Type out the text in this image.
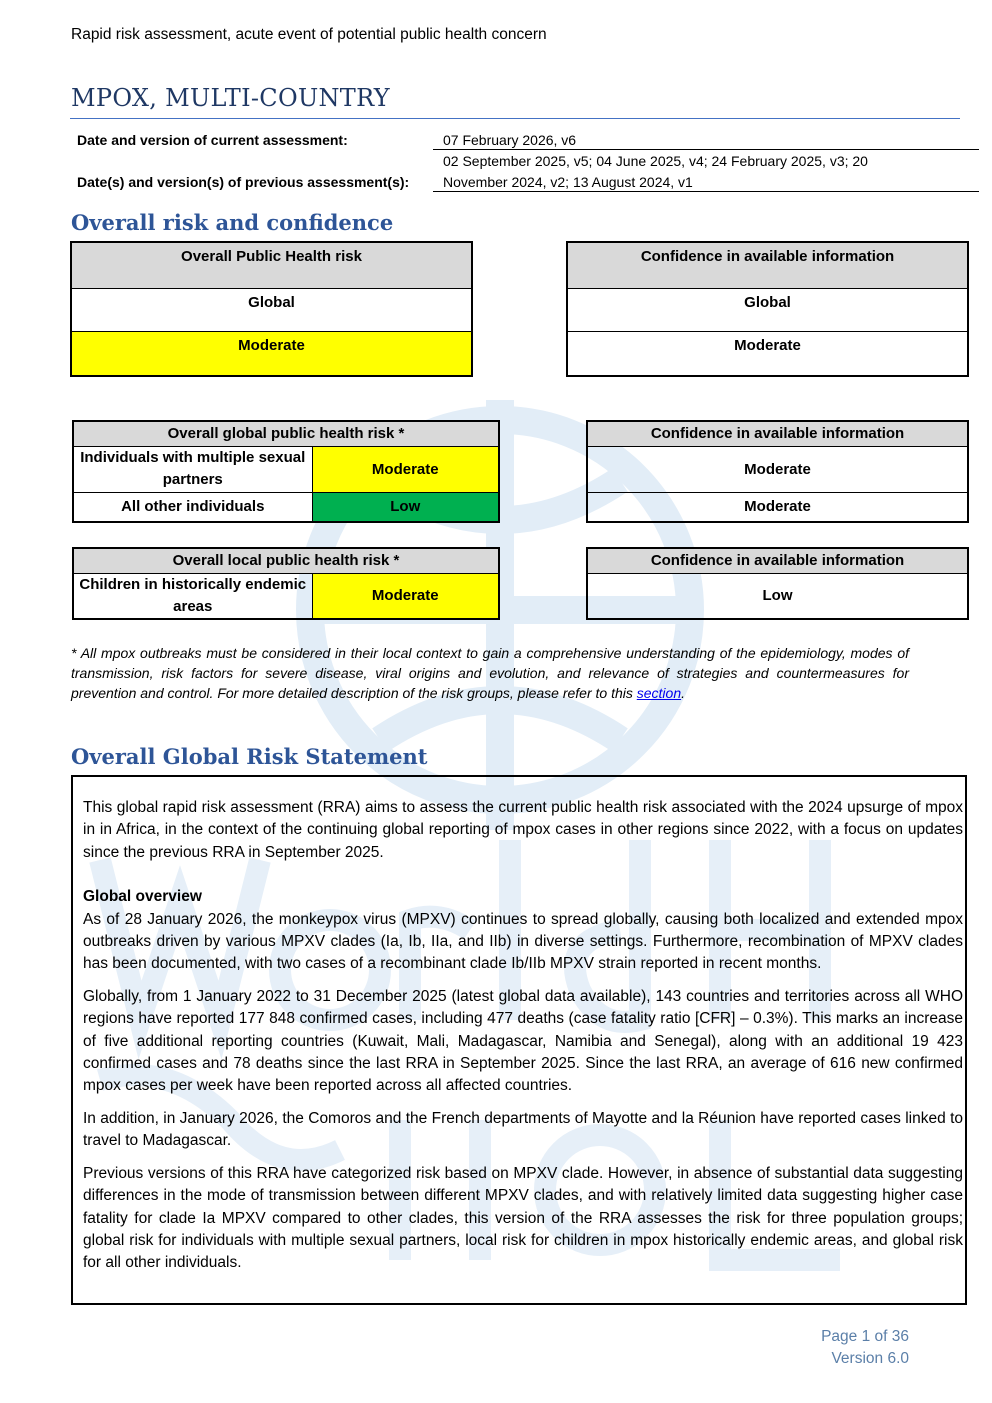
Rapid risk assessment, acute event of potential public health concern
MPOX, MULTI-COUNTRY
Date and version of current assessment:	07 February 2026, v6
02 September 2025, v5; 04 June 2025, v4; 24 February 2025, v3; 20
Date(s) and version(s) of previous assessment(s):	November 2024, v2; 13 August 2024, v1
Overall risk and confidence
Overall Public Health risk
Global
Moderate
Confidence in available information
Global
Moderate
Overall global public health risk *	
Individuals with multiple sexual partners	Moderate
All other individuals	Low
Confidence in available information
Moderate
Moderate
Overall local public health risk *
Children in historically endemic areas	Moderate
Confidence in available information
Low
* All mpox outbreaks must be considered in their local context to gain a comprehensive understanding of the epidemiology, modes of transmission, risk factors for severe disease, viral origins and evolution, and relevance of strategies and countermeasures for prevention and control. For more detailed description of the risk groups, please refer to this section.
Overall Global Risk Statement

This global rapid risk assessment (RRA) aims to assess the current public health risk associated with the 2024 upsurge of mpox in in Africa, in the context of the continuing global reporting of mpox cases in other regions since 2022, with a focus on updates since the previous RRA in September 2025.

Global overview

As of 28 January 2026, the monkeypox virus (MPXV) continues to spread globally, causing both localized and extended mpox outbreaks driven by various MPXV clades (Ia, Ib, IIa, and IIb) in diverse settings. Furthermore, recombination of MPXV clades has been documented, with two cases of a recombinant clade Ib/IIb MPXV strain reported in recent months.

Globally, from 1 January 2022 to 31 December 2025 (latest global data available), 143 countries and territories across all WHO regions have reported 177 848 confirmed cases, including 477 deaths (case fatality ratio [CFR] – 0.3%). This marks an increase of five additional reporting countries (Kuwait, Mali, Madagascar, Namibia and Senegal), along with an additional 19 423 confirmed cases and 78 deaths since the last RRA in September 2025. Since the last RRA, an average of 616 new confirmed mpox cases per week have been reported across all affected countries.

In addition, in January 2026, the Comoros and the French departments of Mayotte and la Réunion have reported cases linked to travel to Madagascar.

Previous versions of this RRA have categorized risk based on MPXV clade. However, in absence of substantial data suggesting differences in the mode of transmission between different MPXV clades, and with relatively limited data suggesting higher case fatality for clade Ia MPXV compared to other clades, this version of the RRA assesses the risk for three population groups; global risk for individuals with multiple sexual partners, local risk for children in mpox historically endemic areas, and global risk for all other individuals.

Page 1 of 36
Version 6.0
